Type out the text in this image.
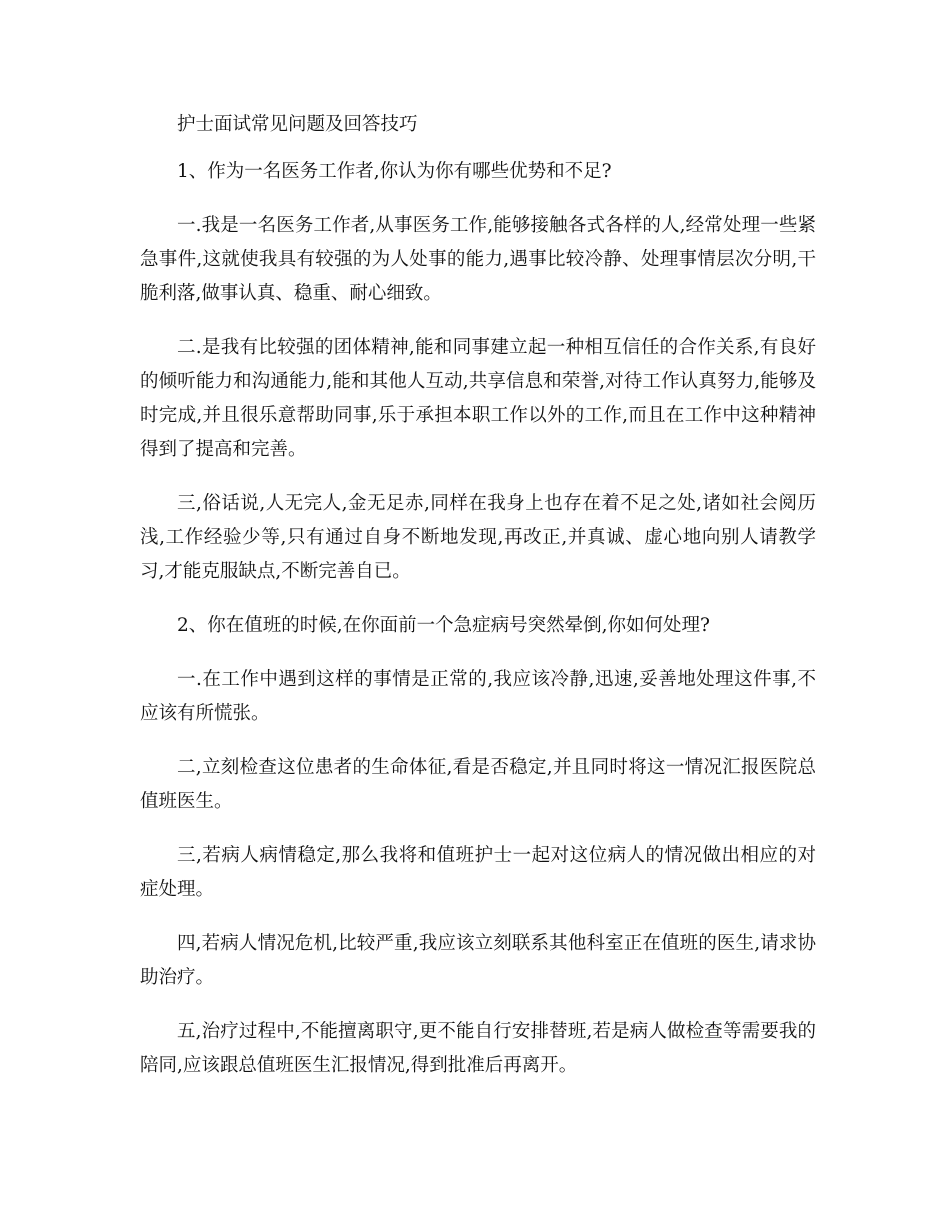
护士面试常见问题及回答技巧

1、作为一名医务工作者,你认为你有哪些优势和不足?

一.我是一名医务工作者,从事医务工作,能够接触各式各样的人,经常处理一些紧急事件,这就使我具有较强的为人处事的能力,遇事比较冷静、处理事情层次分明,干脆利落,做事认真、稳重、耐心细致。

二.是我有比较强的团体精神,能和同事建立起一种相互信任的合作关系,有良好的倾听能力和沟通能力,能和其他人互动,共享信息和荣誉,对待工作认真努力,能够及时完成,并且很乐意帮助同事,乐于承担本职工作以外的工作,而且在工作中这种精神得到了提高和完善。

三,俗话说,人无完人,金无足赤,同样在我身上也存在着不足之处,诸如社会阅历浅,工作经验少等,只有通过自身不断地发现,再改正,并真诚、虚心地向别人请教学习,才能克服缺点,不断完善自已。

2、你在值班的时候,在你面前一个急症病号突然晕倒,你如何处理?

一.在工作中遇到这样的事情是正常的,我应该冷静,迅速,妥善地处理这件事,不应该有所慌张。

二,立刻检查这位患者的生命体征,看是否稳定,并且同时将这一情况汇报医院总值班医生。

三,若病人病情稳定,那么我将和值班护士一起对这位病人的情况做出相应的对症处理。

四,若病人情况危机,比较严重,我应该立刻联系其他科室正在值班的医生,请求协助治疗。

五,治疗过程中,不能擅离职守,更不能自行安排替班,若是病人做检查等需要我的陪同,应该跟总值班医生汇报情况,得到批准后再离开。
